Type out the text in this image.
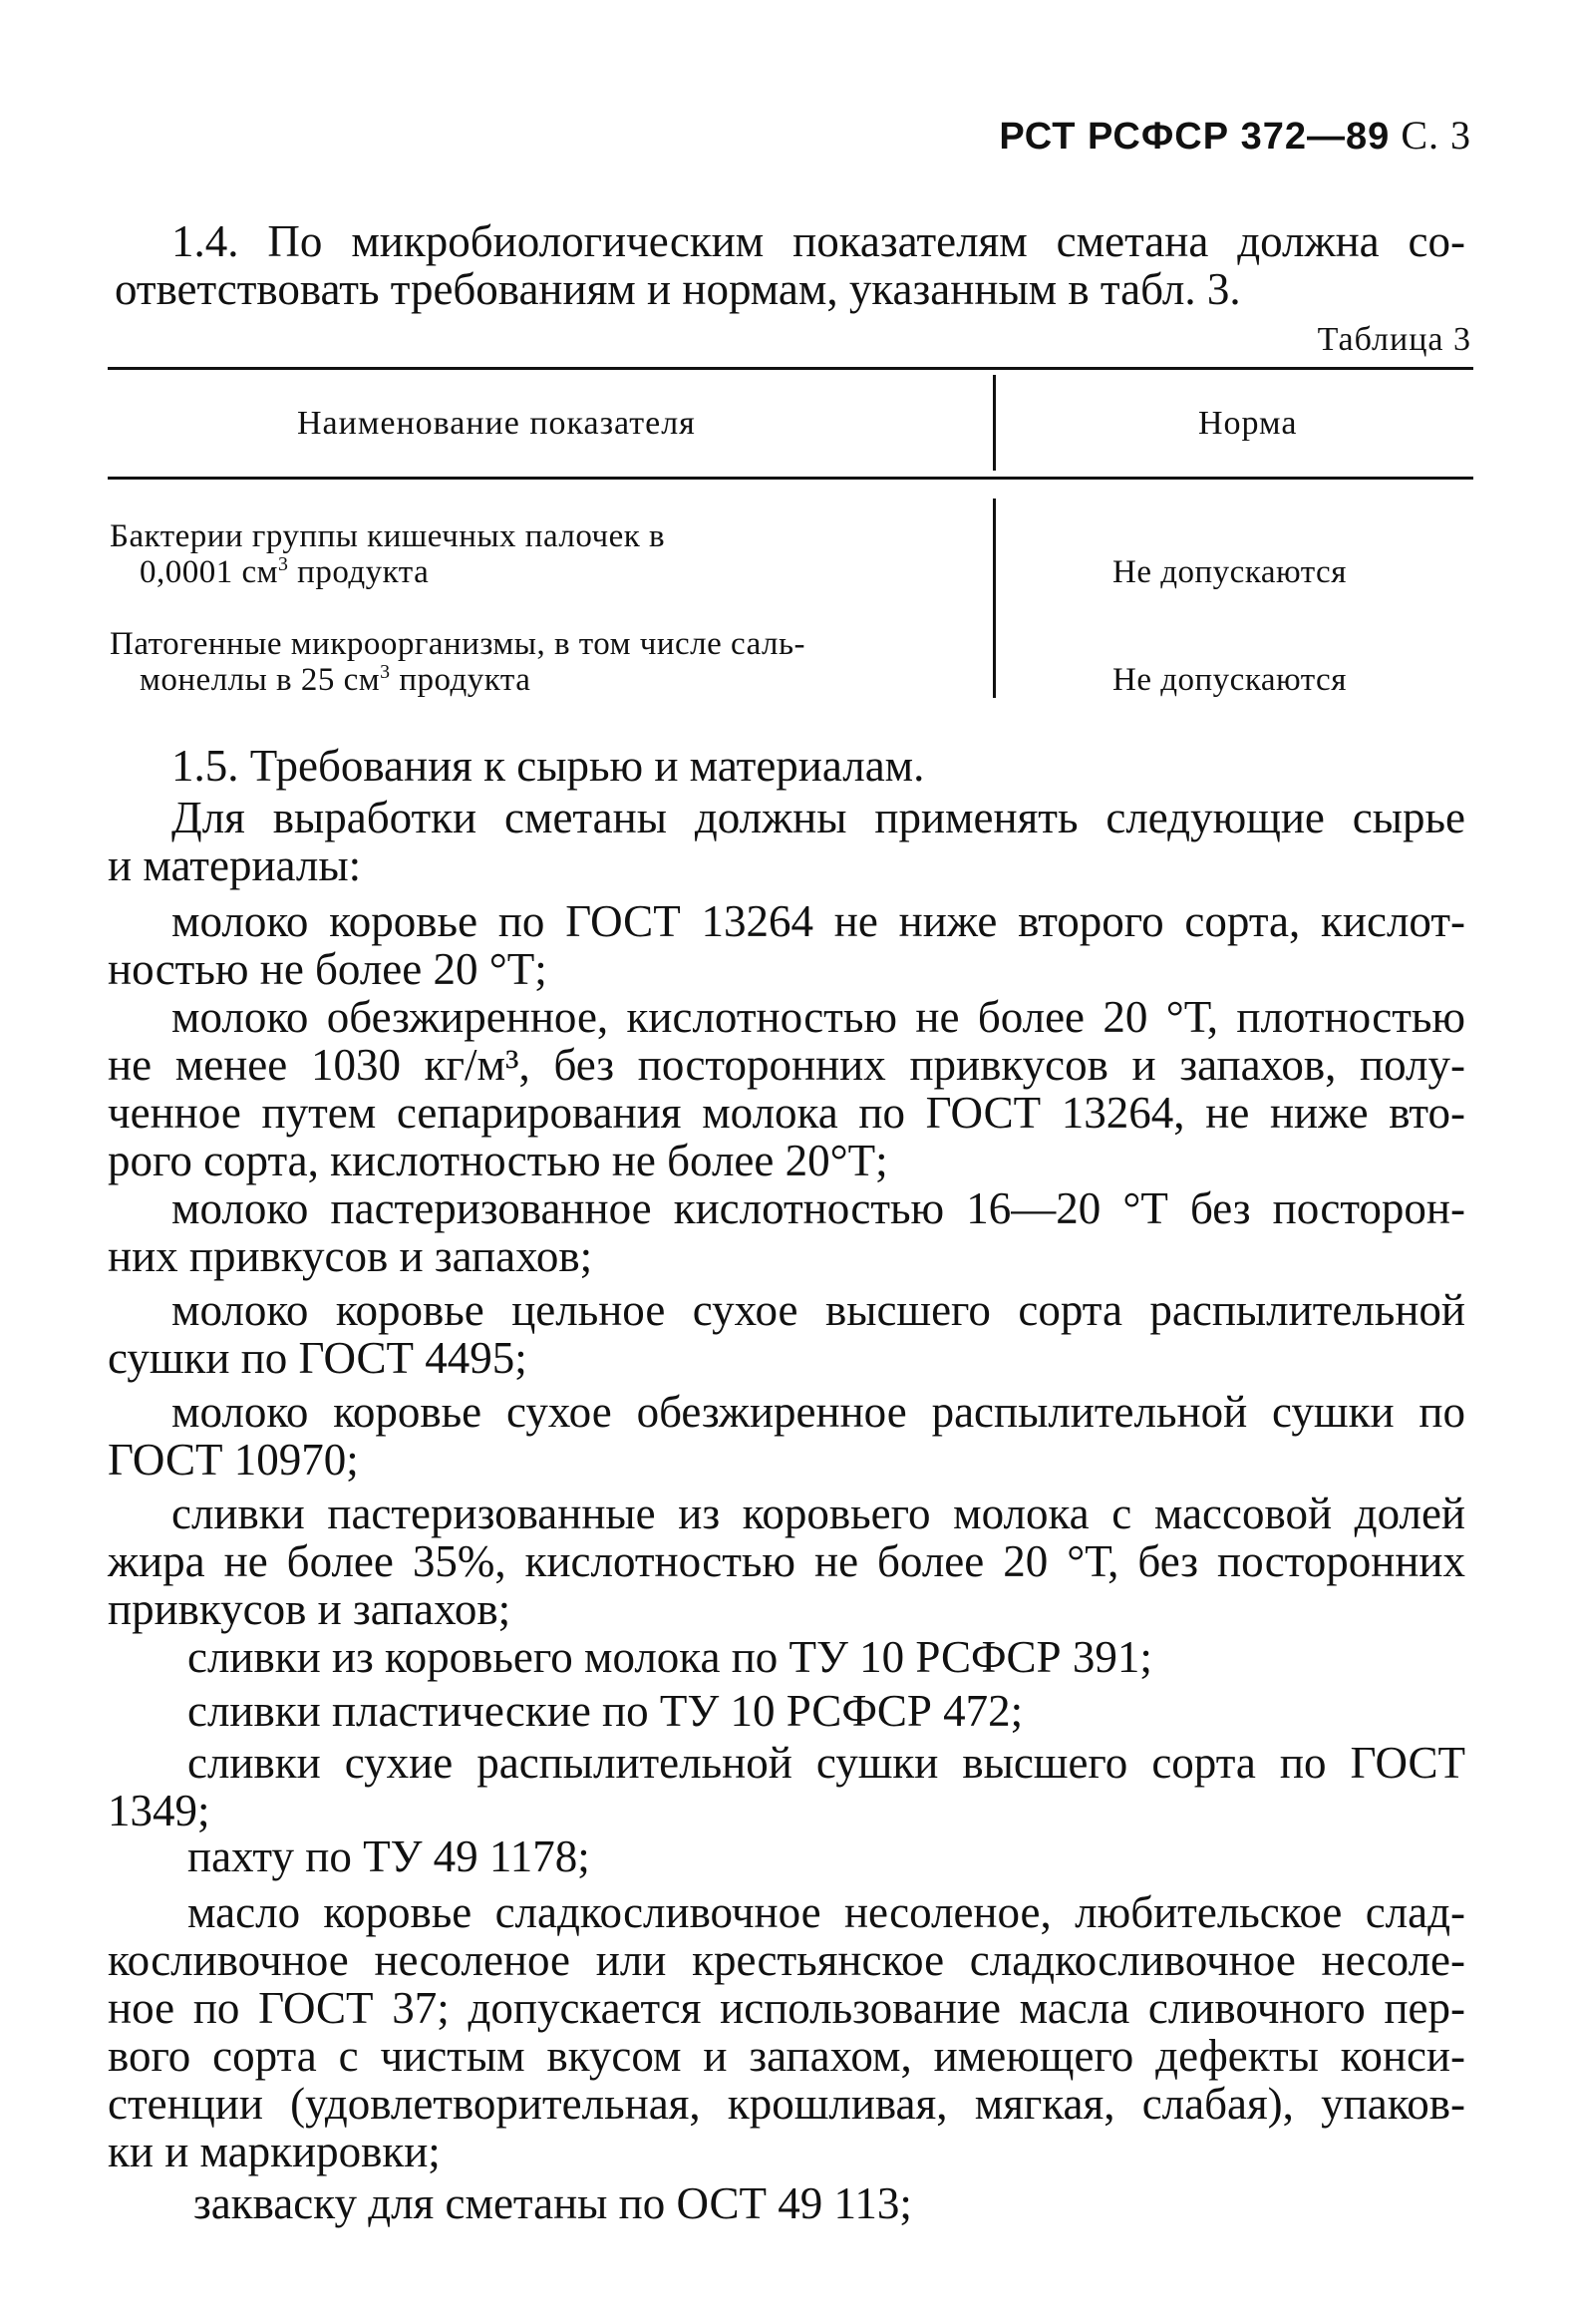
РСТ РСФСР 372—89 С. 3
1.4. По микробиологическим показателям сметана должна со-
ответствовать требованиям и нормам, указанным в табл. 3.
Таблица 3
Наименование показателя	Норма
Бактерии группы кишечных палочек в
0,0001 $см^3$ продукта	Не допускаются
Патогенные микроорганизмы, в том числе саль-
монеллы в 25 $см^3$ продукта	Не допускаются
1.5. Требования к сырью и материалам.
Для выработки сметаны должны применять следующие сырье
и материалы:
молоко коровье по ГОСТ 13264 не ниже второго сорта, кислот-
ностью не более 20 °Т;
молоко обезжиренное, кислотностью не более 20 °Т, плотностью
не менее 1030 кг/м³, без посторонних привкусов и запахов, полу-
ченное путем сепарирования молока по ГОСТ 13264, не ниже вто-
рого сорта, кислотностью не более 20°Т;
молоко пастеризованное кислотностью 16—20 °Т без посторон-
них привкусов и запахов;
молоко коровье цельное сухое высшего сорта распылительной
сушки по ГОСТ 4495;
молоко коровье сухое обезжиренное распылительной сушки по
ГОСТ 10970;
сливки пастеризованные из коровьего молока с массовой долей
жира не более 35%, кислотностью не более 20 °Т, без посторонних
привкусов и запахов;
сливки из коровьего молока по ТУ 10 РСФСР 391;
сливки пластические по ТУ 10 РСФСР 472;
сливки сухие распылительной сушки высшего сорта по ГОСТ
1349;
пахту по ТУ 49 1178;
масло коровье сладкосливочное несоленое, любительское слад-
косливочное несоленое или крестьянское сладкосливочное несоле-
ное по ГОСТ 37; допускается использование масла сливочного пер-
вого сорта с чистым вкусом и запахом, имеющего дефекты конси-
стенции (удовлетворительная, крошливая, мягкая, слабая), упаков-
ки и маркировки;
закваску для сметаны по ОСТ 49 113;
